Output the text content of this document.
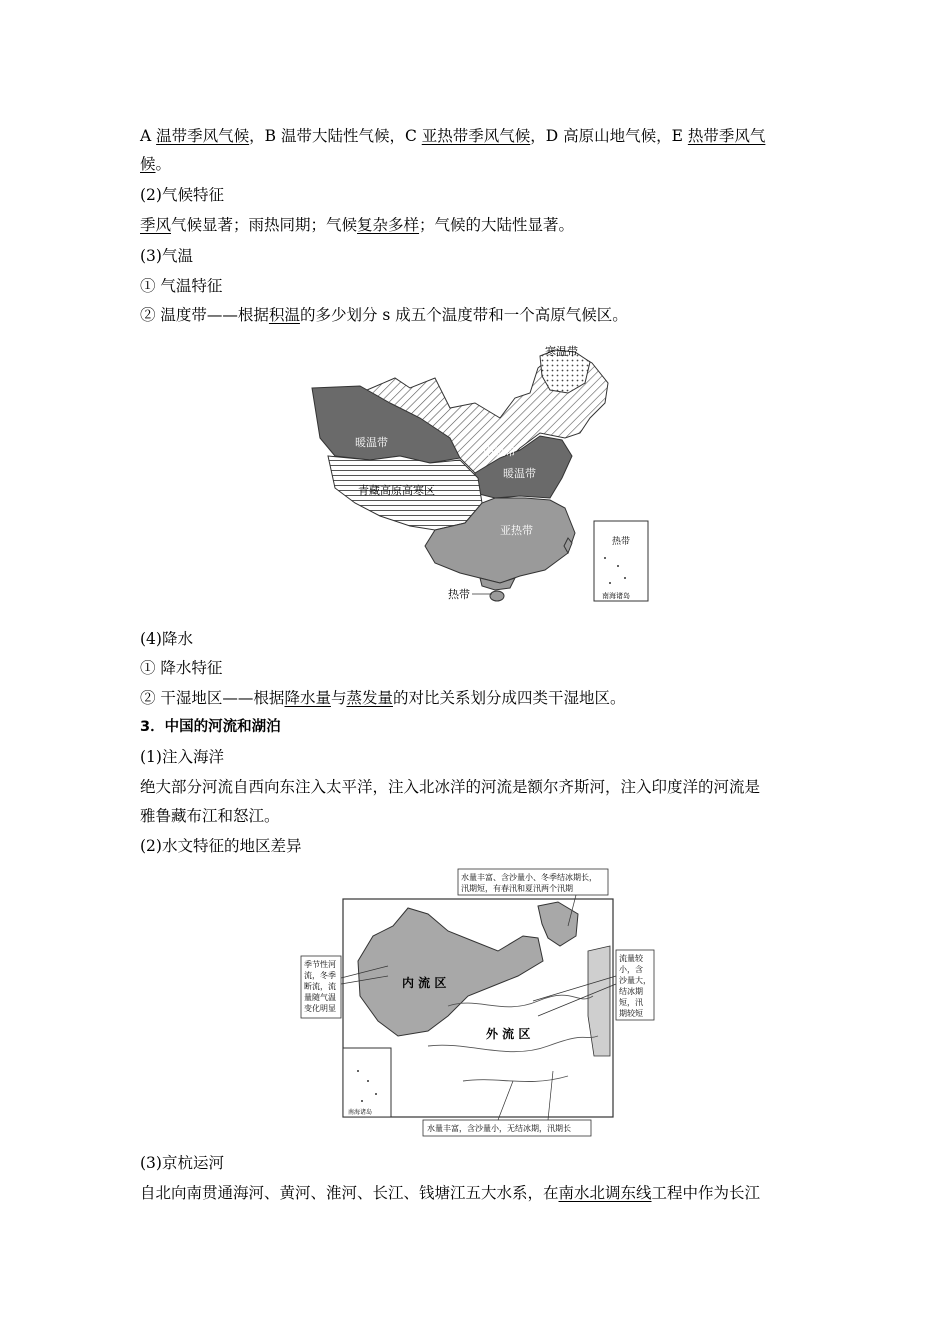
A 温带季风气候，B 温带大陆性气候，C 亚热带季风气候，D 高原山地气候，E 热带季风气
候。
(2)气候特征
季风气候显著；雨热同期；气候复杂多样；气候的大陆性显著。
(3)气温
① 气温特征
② 温度带——根据积温的多少划分 s 成五个温度带和一个高原气候区。
寒温带
暖温带
中温带
暖温带
青藏高原高寒区
亚热带
热带
热带
南海诸岛
(4)降水
① 降水特征
② 干湿地区——根据降水量与蒸发量的对比关系划分成四类干湿地区。
3．中国的河流和湖泊
(1)注入海洋
绝大部分河流自西向东注入太平洋，注入北冰洋的河流是额尔齐斯河，注入印度洋的河流是
雅鲁藏布江和怒江。
(2)水文特征的地区差异
南海诸岛
内 流 区
外 流 区
水量丰富、含沙量小、冬季结冰期长，
汛期短，有春汛和夏汛两个汛期
季节性河
流，冬季
断流，流
量随气温
变化明显
流量较
小，含
沙量大，
结冰期
短，汛
期较短
水量丰富，含沙量小，无结冰期，汛期长
(3)京杭运河
自北向南贯通海河、黄河、淮河、长江、钱塘江五大水系，在南水北调东线工程中作为长江
